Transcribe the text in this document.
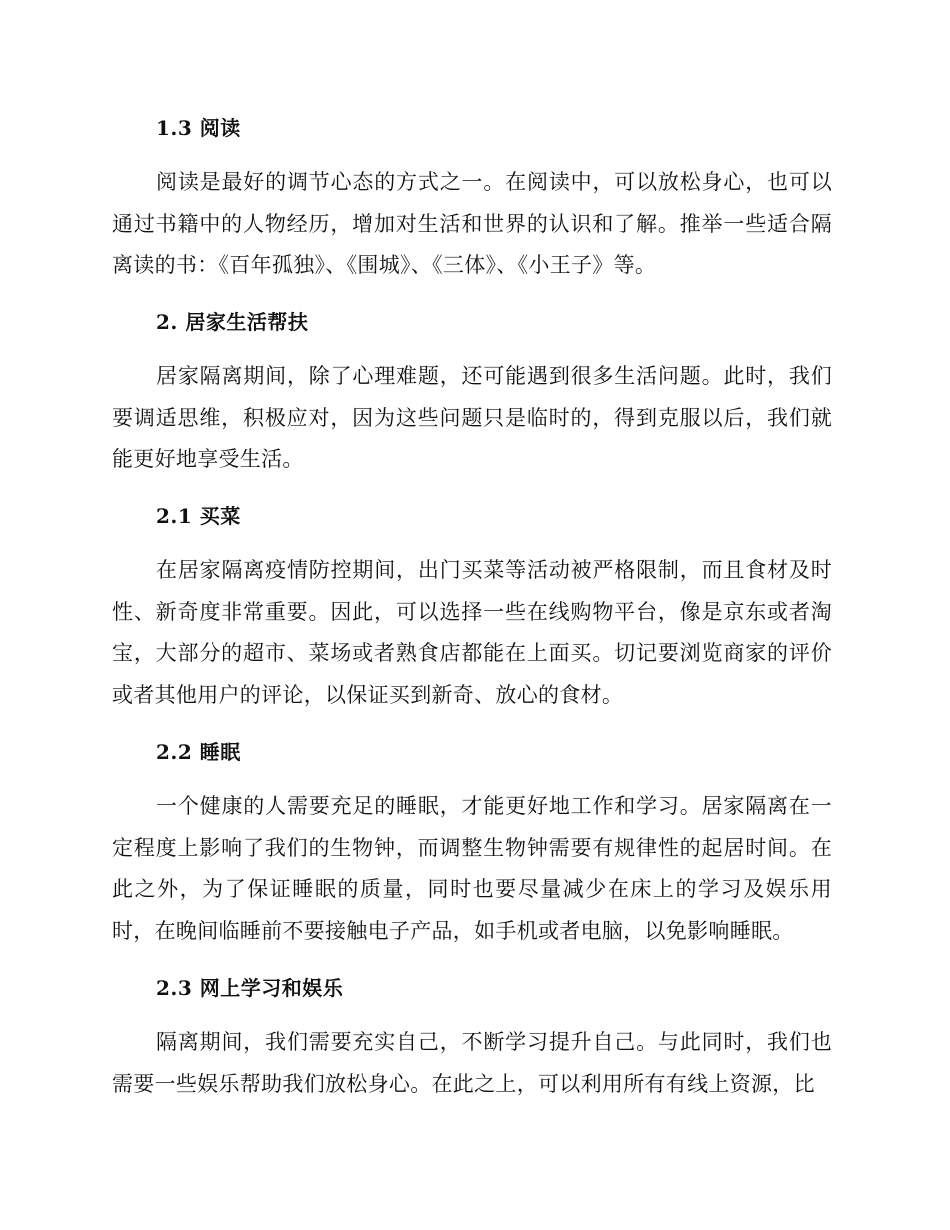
1.3 阅读
阅读是最好的调节心态的方式之一。在阅读中，可以放松身心，也可以通过书籍中的人物经历，增加对生活和世界的认识和了解。推举一些适合隔离读的书：《百年孤独》、《围城》、《三体》、《小王子》等。
2. 居家生活帮扶
居家隔离期间，除了心理难题，还可能遇到很多生活问题。此时，我们要调适思维，积极应对，因为这些问题只是临时的，得到克服以后，我们就能更好地享受生活。
2.1 买菜
在居家隔离疫情防控期间，出门买菜等活动被严格限制，而且食材及时性、新奇度非常重要。因此，可以选择一些在线购物平台，像是京东或者淘宝，大部分的超市、菜场或者熟食店都能在上面买。切记要浏览商家的评价或者其他用户的评论，以保证买到新奇、放心的食材。
2.2 睡眠
一个健康的人需要充足的睡眠，才能更好地工作和学习。居家隔离在一定程度上影响了我们的生物钟，而调整生物钟需要有规律性的起居时间。在此之外，为了保证睡眠的质量，同时也要尽量减少在床上的学习及娱乐用时，在晚间临睡前不要接触电子产品，如手机或者电脑，以免影响睡眠。
2.3 网上学习和娱乐
隔离期间，我们需要充实自己，不断学习提升自己。与此同时，我们也需要一些娱乐帮助我们放松身心。在此之上，可以利用所有有线上资源，比
